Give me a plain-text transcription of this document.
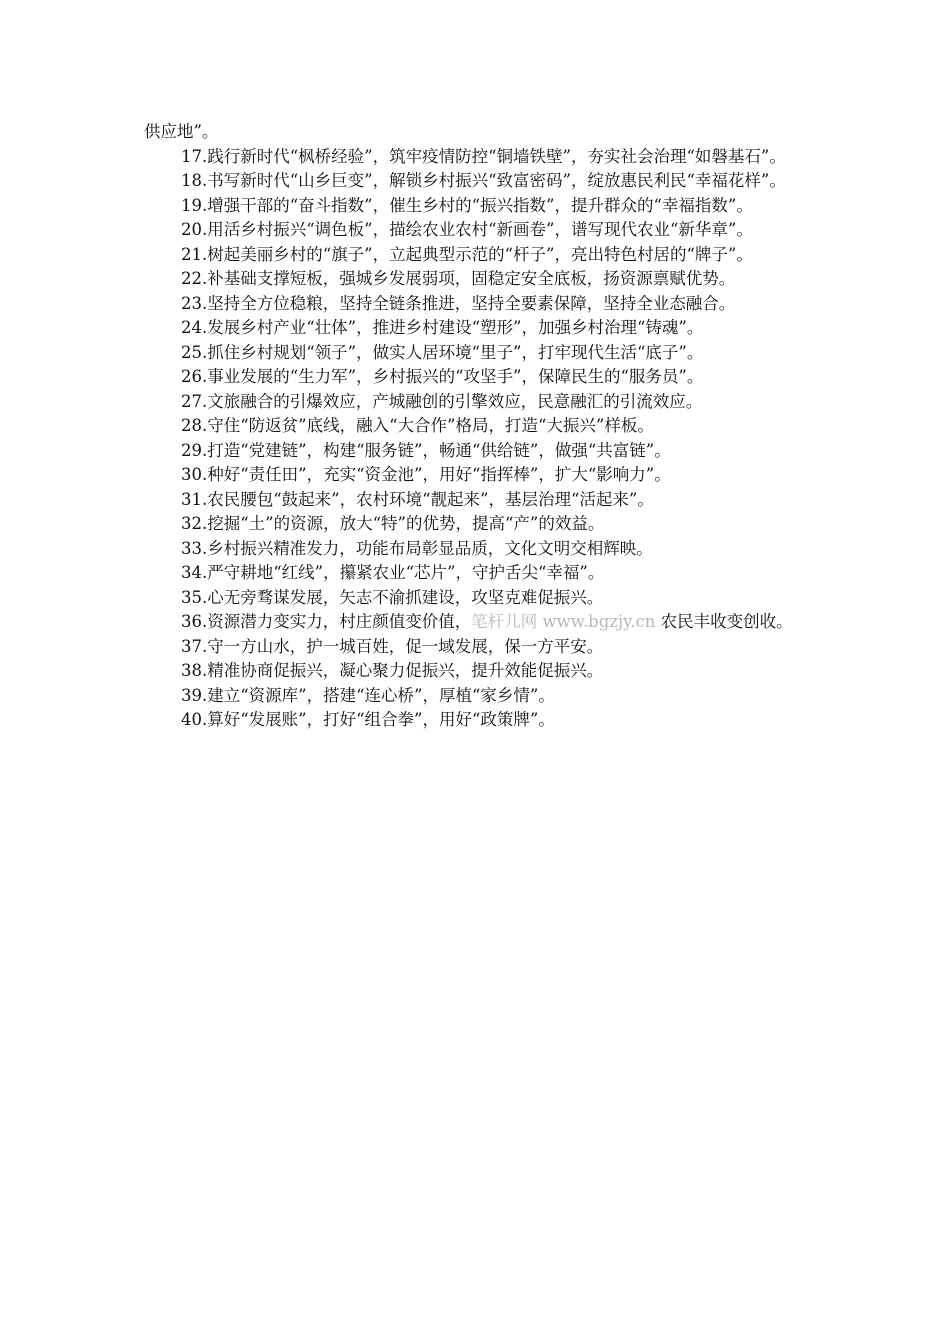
供应地”。

17.践行新时代“枫桥经验”，筑牢疫情防控“铜墙铁壁”，夯实社会治理“如磐基石”。

18.书写新时代“山乡巨变”，解锁乡村振兴“致富密码”，绽放惠民利民“幸福花样”。

19.增强干部的“奋斗指数”，催生乡村的“振兴指数”，提升群众的“幸福指数”。

20.用活乡村振兴“调色板”，描绘农业农村“新画卷”，谱写现代农业“新华章”。

21.树起美丽乡村的“旗子”，立起典型示范的“杆子”，亮出特色村居的“牌子”。

22.补基础支撑短板，强城乡发展弱项，固稳定安全底板，扬资源禀赋优势。

23.坚持全方位稳粮，坚持全链条推进，坚持全要素保障，坚持全业态融合。

24.发展乡村产业“壮体”，推进乡村建设“塑形”，加强乡村治理“铸魂”。

25.抓住乡村规划“领子”，做实人居环境“里子”，打牢现代生活“底子”。

26.事业发展的“生力军”，乡村振兴的“攻坚手”，保障民生的“服务员”。

27.文旅融合的引爆效应，产城融创的引擎效应，民意融汇的引流效应。

28.守住“防返贫”底线，融入“大合作”格局，打造“大振兴”样板。

29.打造“党建链”，构建“服务链”，畅通“供给链”，做强“共富链”。

30.种好“责任田”，充实“资金池”，用好“指挥棒”，扩大“影响力”。

31.农民腰包“鼓起来”，农村环境“靓起来”，基层治理“活起来”。

32.挖掘“土”的资源，放大“特”的优势，提高“产”的效益。

33.乡村振兴精准发力，功能布局彰显品质，文化文明交相辉映。

34.严守耕地“红线”，攥紧农业“芯片”，守护舌尖“幸福”。

35.心无旁骛谋发展，矢志不渝抓建设，攻坚克难促振兴。

36.资源潜力变实力，村庄颜值变价值，笔杆儿网 www.bgzjy.cn 农民丰收变创收。

37.守一方山水，护一城百姓，促一域发展，保一方平安。

38.精准协商促振兴，凝心聚力促振兴，提升效能促振兴。

39.建立“资源库”，搭建“连心桥”，厚植“家乡情”。

40.算好“发展账”，打好“组合拳”，用好“政策牌”。
